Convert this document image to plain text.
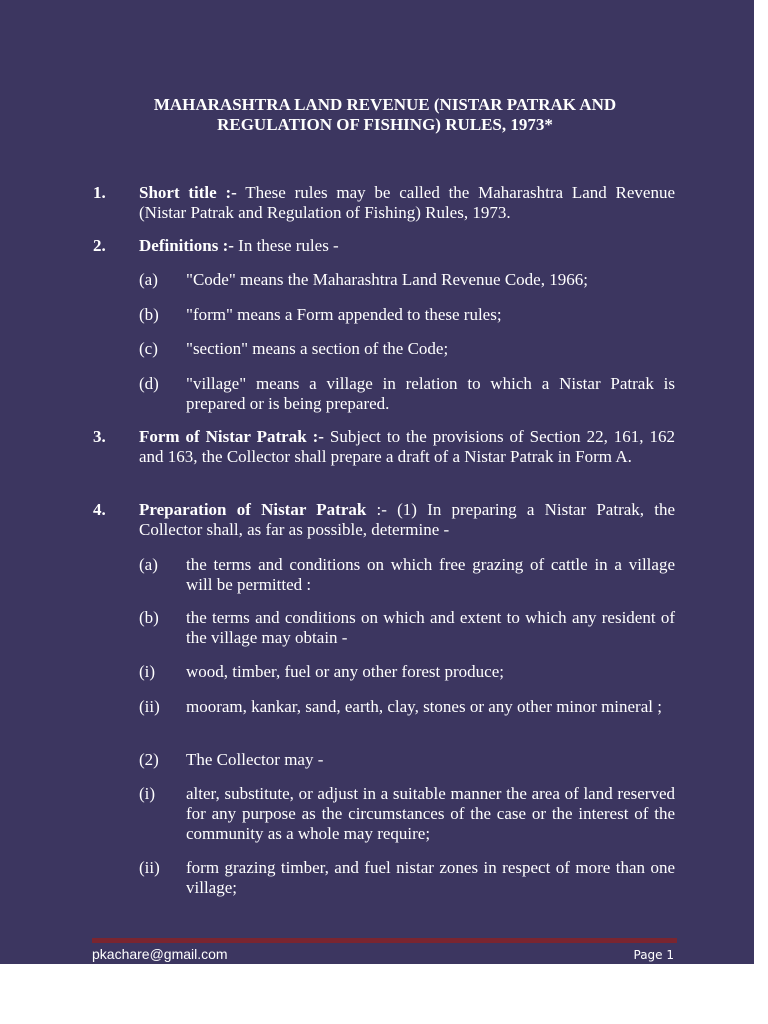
MAHARASHTRA LAND REVENUE (NISTAR PATRAK AND
REGULATION OF FISHING) RULES, 1973*
1.	Short title :- These rules may be called the Maharashtra Land Revenue (Nistar Patrak and Regulation of Fishing) Rules, 1973.
2.	Definitions :- In these rules -
(a)	"Code" means the Maharashtra Land Revenue Code, 1966;
(b)	"form" means a Form appended to these rules;
(c)	"section" means a section of the Code;
(d)	"village" means a village in relation to which a Nistar Patrak is prepared or is being prepared.
3.	Form of Nistar Patrak :- Subject to the provisions of Section 22, 161, 162 and 163, the Collector shall prepare a draft of a Nistar Patrak in Form A.
4.	Preparation of Nistar Patrak :- (1) In preparing a Nistar Patrak, the Collector shall, as far as possible, determine -
(a)	the terms and conditions on which free grazing of cattle in a village will be permitted :
(b)	the terms and conditions on which and extent to which any resident of the village may obtain -
(i)	wood, timber, fuel or any other forest produce;
(ii)	mooram, kankar, sand, earth, clay, stones or any other minor mineral ;
(2)	The Collector may -
(i)	alter, substitute, or adjust in a suitable manner the area of land reserved for any purpose as the circumstances of the case or the interest of the community as a whole may require;
(ii)	form grazing timber, and fuel nistar zones in respect of more than one village;
pkachare@gmail.com	Page 1
